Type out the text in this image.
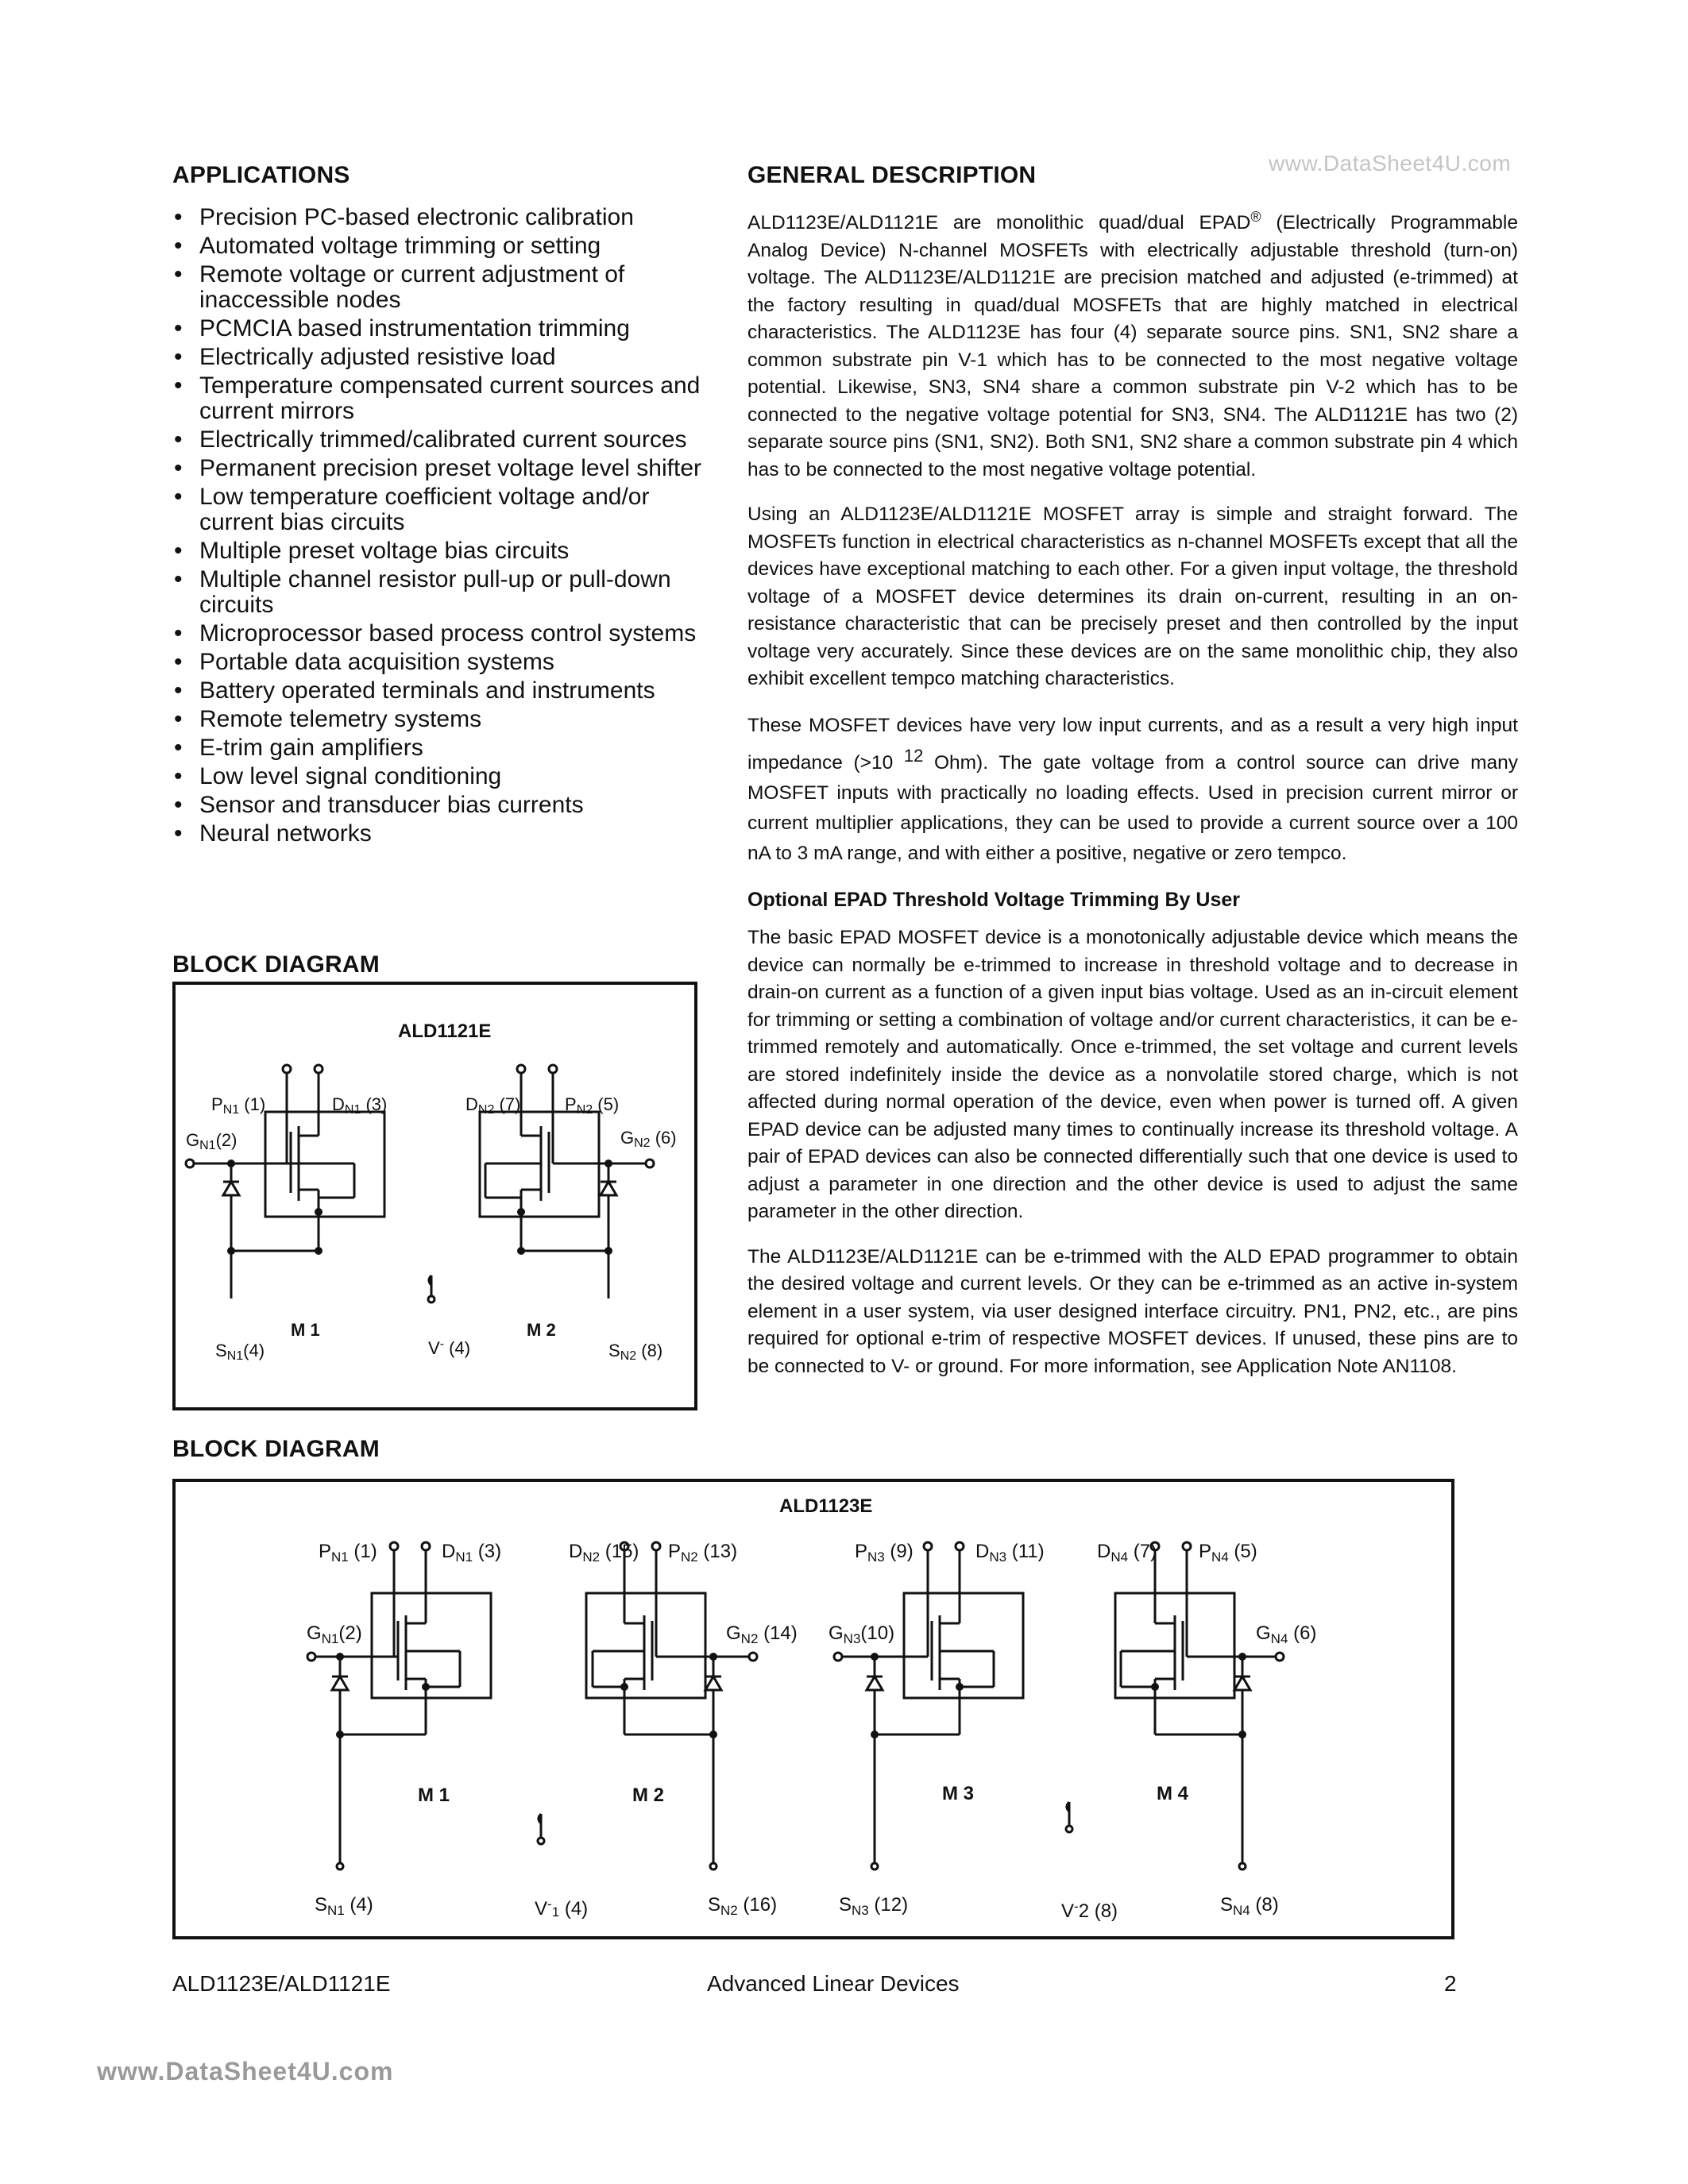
www.DataSheet4U.com
APPLICATIONS
• Precision PC-based electronic calibration
• Automated voltage trimming or setting
• Remote voltage or current adjustment of inaccessible nodes
• PCMCIA based instrumentation trimming
• Electrically adjusted resistive load
• Temperature compensated current sources and current mirrors
• Electrically trimmed/calibrated current sources
• Permanent precision preset voltage level shifter
• Low temperature coefficient voltage and/or current bias circuits
• Multiple preset voltage bias circuits
• Multiple channel resistor pull-up or pull-down circuits
• Microprocessor based process control systems
• Portable data acquisition systems
• Battery operated terminals and instruments
• Remote telemetry systems
• E-trim gain amplifiers
• Low level signal conditioning
• Sensor and transducer bias currents
• Neural networks
GENERAL DESCRIPTION

ALD1123E/ALD1121E are monolithic quad/dual EPAD® (Electrically Programmable Analog Device) N-channel MOSFETs with electrically adjustable threshold (turn-on) voltage. The ALD1123E/ALD1121E are precision matched and adjusted (e-trimmed) at the factory resulting in quad/dual MOSFETs that are highly matched in electrical characteristics. The ALD1123E has four (4) separate source pins. SN1, SN2 share a common substrate pin V-1 which has to be connected to the most negative voltage potential. Likewise, SN3, SN4 share a common substrate pin V-2 which has to be connected to the negative voltage potential for SN3, SN4. The ALD1121E has two (2) separate source pins (SN1, SN2). Both SN1, SN2 share a common substrate pin 4 which has to be connected to the most negative voltage potential.

Using an ALD1123E/ALD1121E MOSFET array is simple and straight forward. The MOSFETs function in electrical characteristics as n-channel MOSFETs except that all the devices have exceptional matching to each other. For a given input voltage, the threshold voltage of a MOSFET device determines its drain on-current, resulting in an on-resistance characteristic that can be precisely preset and then controlled by the input voltage very accurately. Since these devices are on the same monolithic chip, they also exhibit excellent tempco matching characteristics.

These MOSFET devices have very low input currents, and as a result a very high input impedance (>10 $^{12}$ Ohm). The gate voltage from a control source can drive many MOSFET inputs with practically no loading effects. Used in precision current mirror or current multiplier applications, they can be used to provide a current source over a 100 nA to 3 mA range, and with either a positive, negative or zero tempco.

Optional EPAD Threshold Voltage Trimming By User

The basic EPAD MOSFET device is a monotonically adjustable device which means the device can normally be e-trimmed to increase in threshold voltage and to decrease in drain-on current as a function of a given input bias voltage. Used as an in-circuit element for trimming or setting a combination of voltage and/or current characteristics, it can be e-trimmed remotely and automatically. Once e-trimmed, the set voltage and current levels are stored indefinitely inside the device as a nonvolatile stored charge, which is not affected during normal operation of the device, even when power is turned off. A given EPAD device can be adjusted many times to continually increase its threshold voltage. A pair of EPAD devices can also be connected differentially such that one device is used to adjust a parameter in one direction and the other device is used to adjust the same parameter in the other direction.

The ALD1123E/ALD1121E can be e-trimmed with the ALD EPAD programmer to obtain the desired voltage and current levels. Or they can be e-trimmed as an active in-system element in a user system, via user designed interface circuitry. PN1, PN2, etc., are pins required for optional e-trim of respective MOSFET devices. If unused, these pins are to be connected to V- or ground. For more information, see Application Note AN1108.

BLOCK DIAGRAM
ALD1121E
PN1 (1)	DN1 (3)
GN1(2)
SN1(4)
DN2 (7)	PN2 (5)
GN2 (6)
SN2 (8)
V- (4)
M 1	M 2
BLOCK DIAGRAM
ALD1123E
$P_{N1}$ (1)	$D_{N1}$ (3)
$G_{N1}(2)$
$S_{N1}$ (4)
$D_{N2}$ (15) $P_{N2}$ (13)
$G_{N2}$ (14)
$S_{N2}$ (16)
$P_{N3}$ (9)	$D_{N3}$ (11)
$G_{N3}(10)$
$S_{N3}$ (12)
$D_{N4}$ (7) $P_{N4}$ (5)
$G_{N4}$ (6)
$S_{N4}$ (8)
$V^-_1$ (4)	V-2 (8)
M 1	M 2	M 3	M 4
ALD1123E/ALD1121E	Advanced Linear Devices	2
www.DataSheet4U.com
